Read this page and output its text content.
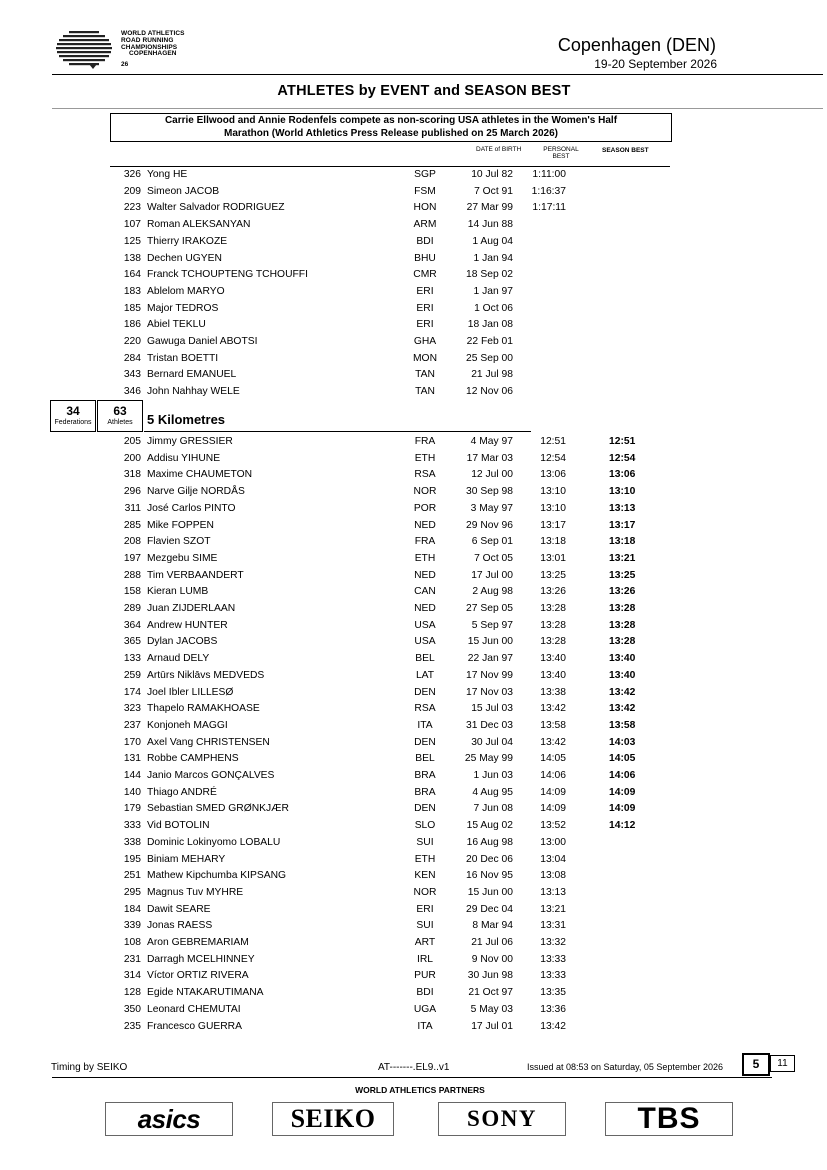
WORLD ATHLETICS
ROAD RUNNING
CHAMPIONSHIPS
COPENHAGEN
26
Copenhagen (DEN)
19-20 September 2026
ATHLETES by EVENT and SEASON BEST
Carrie Ellwood and Annie Rodenfels compete as non-scoring USA athletes in the Women's Half
Marathon (World Athletics Press Release published on 25 March 2026)
DATE of BIRTH	PERSONAL
BEST
SEASON BEST
326 Yong HE	SGP	10 Jul 82	1:11:00
209 Simeon JACOB	FSM	7 Oct 91	1:16:37
223 Walter Salvador RODRIGUEZ	HON	27 Mar 99	1:17:11
107 Roman ALEKSANYAN	ARM	14 Jun 88
125 Thierry IRAKOZE	BDI	1 Aug 04
138 Dechen UGYEN	BHU	1 Jan 94
164 Franck TCHOUPTENG TCHOUFFI	CMR	18 Sep 02
183 Ablelom MARYO	ERI	1 Jan 97
185 Major TEDROS	ERI	1 Oct 06
186 Abiel TEKLU	ERI	18 Jan 08
220 Gawuga Daniel ABOTSI	GHA	22 Feb 01
284 Tristan BOETTI	MON	25 Sep 00
343 Bernard EMANUEL	TAN	21 Jul 98
346 John Nahhay WELE	TAN	12 Nov 06
34
Federations
63
Athletes	5 Kilometres
205 Jimmy GRESSIER	FRA	4 May 97	12:51	12:51
200 Addisu YIHUNE	ETH	17 Mar 03	12:54	12:54
318 Maxime CHAUMETON	RSA	12 Jul 00	13:06	13:06
296 Narve Gilje NORDÅS	NOR	30 Sep 98	13:10	13:10
311 José Carlos PINTO	POR	3 May 97	13:10	13:13
285 Mike FOPPEN	NED	29 Nov 96	13:17	13:17
208 Flavien SZOT	FRA	6 Sep 01	13:18	13:18
197 Mezgebu SIME	ETH	7 Oct 05	13:01	13:21
288 Tim VERBAANDERT	NED	17 Jul 00	13:25	13:25
158 Kieran LUMB	CAN	2 Aug 98	13:26	13:26
289 Juan ZIJDERLAAN	NED	27 Sep 05	13:28	13:28
364 Andrew HUNTER	USA	5 Sep 97	13:28	13:28
365 Dylan JACOBS	USA	15 Jun 00	13:28	13:28
133 Arnaud DELY	BEL	22 Jan 97	13:40	13:40
259 Artūrs Niklāvs MEDVEDS	LAT	17 Nov 99	13:40	13:40
174 Joel Ibler LILLESØ	DEN	17 Nov 03	13:38	13:42
323 Thapelo RAMAKHOASE	RSA	15 Jul 03	13:42	13:42
237 Konjoneh MAGGI	ITA	31 Dec 03	13:58	13:58
170 Axel Vang CHRISTENSEN	DEN	30 Jul 04	13:42	14:03
131 Robbe CAMPHENS	BEL	25 May 99	14:05	14:05
144 Janio Marcos GONÇALVES	BRA	1 Jun 03	14:06	14:06
140 Thiago ANDRÉ	BRA	4 Aug 95	14:09	14:09
179 Sebastian SMED GRØNKJÆR	DEN	7 Jun 08	14:09	14:09
333 Vid BOTOLIN	SLO	15 Aug 02	13:52	14:12
338 Dominic Lokinyomo LOBALU	SUI	16 Aug 98	13:00
195 Biniam MEHARY	ETH	20 Dec 06	13:04
251 Mathew Kipchumba KIPSANG	KEN	16 Nov 95	13:08
295 Magnus Tuv MYHRE	NOR	15 Jun 00	13:13
184 Dawit SEARE	ERI	29 Dec 04	13:21
339 Jonas RAESS	SUI	8 Mar 94	13:31
108 Aron GEBREMARIAM	ART	21 Jul 06	13:32
231 Darragh MCELHINNEY	IRL	9 Nov 00	13:33
314 Víctor ORTIZ RIVERA	PUR	30 Jun 98	13:33
128 Egide NTAKARUTIMANA	BDI	21 Oct 97	13:35
350 Leonard CHEMUTAI	UGA	5 May 03	13:36
235 Francesco GUERRA	ITA	17 Jul 01	13:42
Timing by SEIKO	AT-------.EL9..v1	Issued at 08:53 on Saturday, 05 September 2026	5	11
WORLD ATHLETICS PARTNERS
asics	SEIKO	SONY	TBS
